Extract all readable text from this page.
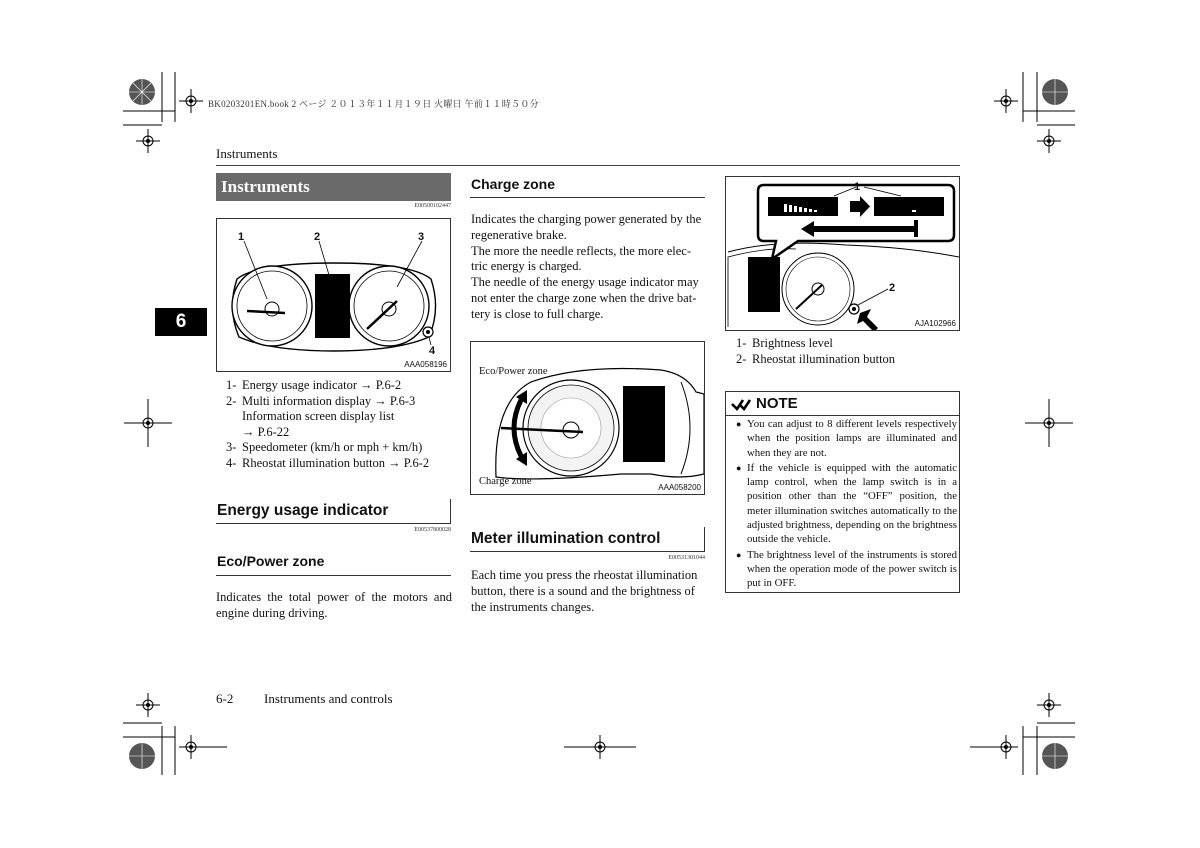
BK0203201EN.book 2 ページ ２０１３年１１月１９日 火曜日 午前１１時５０分
Instruments
6
Instruments
E00500102447
1	2	3
4
AAA058196
1- Energy usage indicator → P.6-2
2- Multi information display → P.6-3
Information screen display list
→ P.6-22
3- Speedometer (km/h or mph + km/h)
4- Rheostat illumination button → P.6-2
Energy usage indicator
E00537800028
Eco/Power zone
Indicates the total power of the motors and engine during driving.
Charge zone
Indicates the charging power generated by the
regenerative brake.
The more the needle reflects, the more elec-
tric energy is charged.
The needle of the energy usage indicator may
not enter the charge zone when the drive bat-
tery is close to full charge.
Eco/Power zone
Charge zone
AAA058200
Meter illumination control
E00531301044
Each time you press the rheostat illumination
button, there is a sound and the brightness of
the instruments changes.
1
2
AJA102966
1- Brightness level
2- Rheostat illumination button
NOTE
● You can adjust to 8 different levels respectively when the position lamps are illuminated and when they are not.
● If the vehicle is equipped with the automatic lamp control, when the lamp switch is in a position other than the “OFF” position, the meter illumination switches automatically to the adjusted brightness, depending on the brightness outside the vehicle.
● The brightness level of the instruments is stored when the operation mode of the power switch is put in OFF.
6-2 Instruments and controls
